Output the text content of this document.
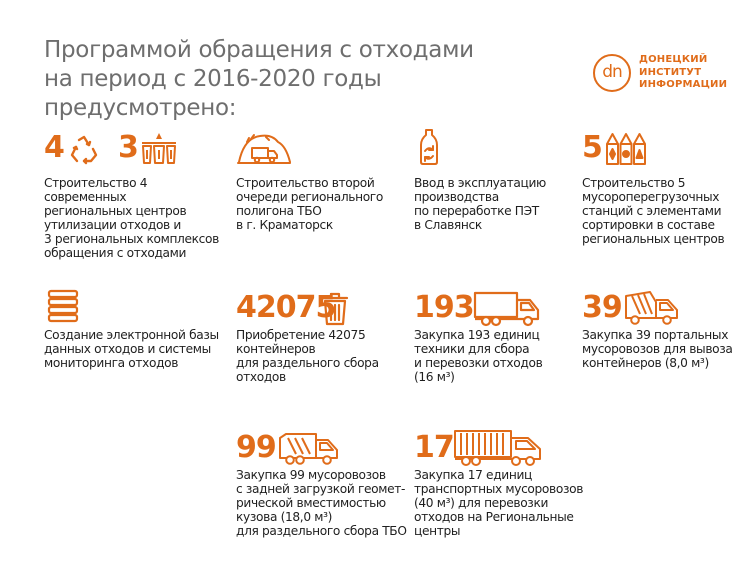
Программой обращения с отходами
на период с 2016-2020 годы предусмотрено:
dn
ДОНЕЦКИЙ
ИНСТИТУТ
ИНФОРМАЦИИ
4 3
Строительство 4 современных
региональных центров
утилизации отходов и
3 региональных комплексов
обращения с отходами
Строительство второй
очереди регионального
полигона ТБО
в г. Краматорск
Ввод в эксплуатацию
производства
по переработке ПЭТ
в Славянск
5
Строительство 5
мусороперегрузочных
станций с элементами
сортировки в составе
региональных центров
Создание электронной базы
данных отходов и системы
мониторинга отходов
42075
Приобретение 42075
контейнеров
для раздельного сбора
отходов
193
Закупка 193 единиц
техники для сбора
и перевозки отходов
(16 м³)
39
Закупка 39 портальных
мусоровозов для вывоза
контейнеров (8,0 м³)
99
Закупка 99 мусоровозов
с задней загрузкой геомет-
рической вместимостью
кузова (18,0 м³)
для раздельного сбора ТБО
17
Закупка 17 единиц
транспортных мусоровозов
(40 м³) для перевозки
отходов на Региональные
центры
